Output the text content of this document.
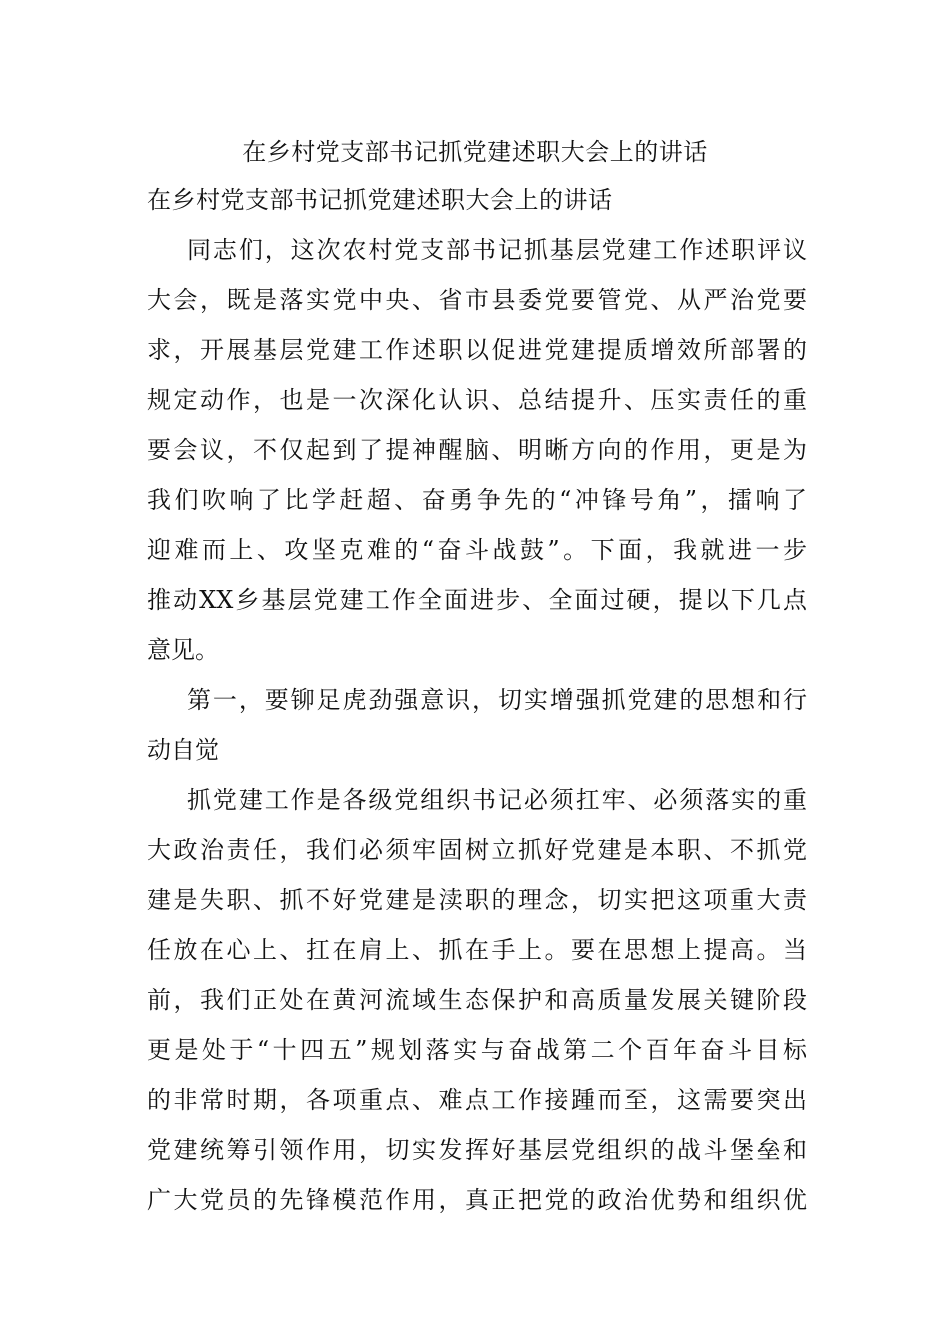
在乡村党支部书记抓党建述职大会上的讲话
在乡村党支部书记抓党建述职大会上的讲话
同志们，这次农村党支部书记抓基层党建工作述职评议
大会，既是落实党中央、省市县委党要管党、从严治党要
求，开展基层党建工作述职以促进党建提质增效所部署的
规定动作，也是一次深化认识、总结提升、压实责任的重
要会议，不仅起到了提神醒脑、明晰方向的作用，更是为
我们吹响了比学赶超、奋勇争先的“冲锋号角”，擂响了
迎难而上、攻坚克难的“奋斗战鼓”。下面，我就进一步
推动XX乡基层党建工作全面进步、全面过硬，提以下几点
意见。
第一，要铆足虎劲强意识，切实增强抓党建的思想和行
动自觉
抓党建工作是各级党组织书记必须扛牢、必须落实的重
大政治责任，我们必须牢固树立抓好党建是本职、不抓党
建是失职、抓不好党建是渎职的理念，切实把这项重大责
任放在心上、扛在肩上、抓在手上。要在思想上提高。当
前，我们正处在黄河流域生态保护和高质量发展关键阶段
更是处于“十四五”规划落实与奋战第二个百年奋斗目标
的非常时期，各项重点、难点工作接踵而至，这需要突出
党建统筹引领作用，切实发挥好基层党组织的战斗堡垒和
广大党员的先锋模范作用，真正把党的政治优势和组织优
